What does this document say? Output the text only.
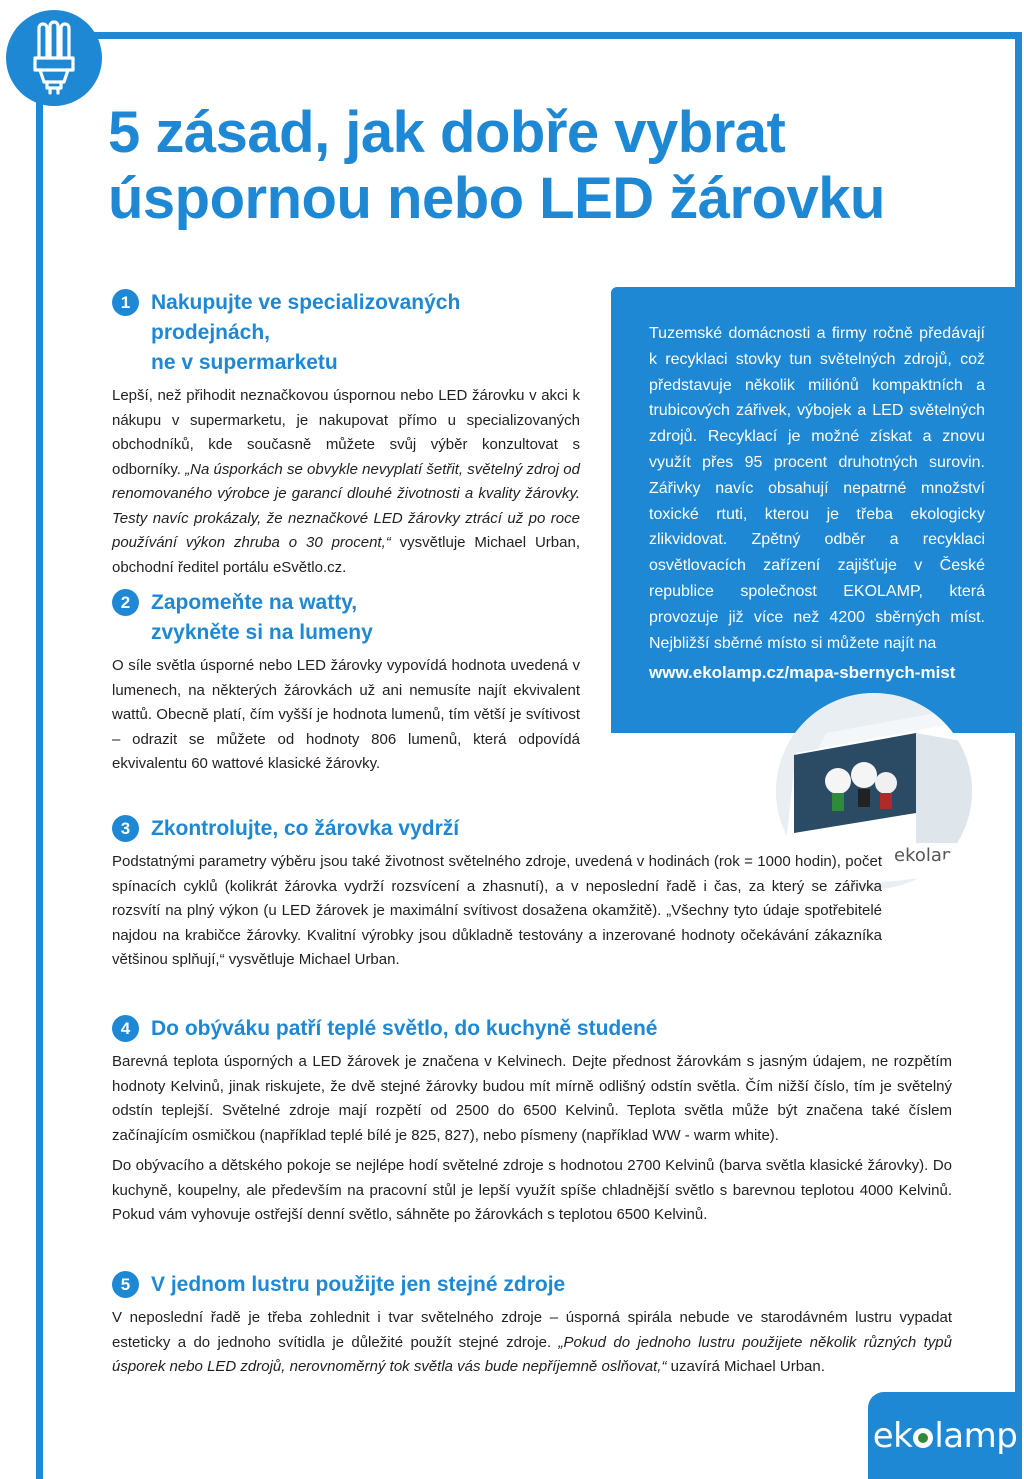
5 zásad, jak dobře vybrat
úspornou nebo LED žárovku
1 Nakupujte ve specializovaných prodejnách,
ne v supermarketu

Lepší, než přihodit neznačkovou úspornou nebo LED žárovku v akci k nákupu v supermarketu, je nakupovat přímo u specializovaných obchodníků, kde současně můžete svůj výběr konzultovat s odborníky. „Na úsporkách se obvykle nevyplatí šetřit, světelný zdroj od renomovaného výrobce je garancí dlouhé životnosti a kvality žárovky. Testy navíc prokázaly, že neznačkové LED žárovky ztrácí už po roce používání výkon zhruba o 30 procent,“ vysvětluje Michael Urban, obchodní ředitel portálu eSvětlo.cz.

2 Zapomeňte na watty,
zvykněte si na lumeny

O síle světla úsporné nebo LED žárovky vypovídá hodnota uvedená v lumenech, na některých žárovkách už ani nemusíte najít ekvivalent wattů. Obecně platí, čím vyšší je hodnota lumenů, tím větší je svítivost – odrazit se můžete od hodnoty 806 lumenů, která odpovídá ekvivalentu 60 wattové klasické žárovky.

Tuzemské domácnosti a firmy ročně předávají k recyklaci stovky tun světelných zdrojů, což představuje několik miliónů kompaktních a trubicových zářivek, výbojek a LED světelných zdrojů. Recyklací je možné získat a znovu využít přes 95 procent druhotných surovin. Zářivky navíc obsahují nepatrné množství toxické rtuti, kterou je třeba ekologicky zlikvidovat. Zpětný odběr a recyklaci osvětlovacích zařízení zajišťuje v České republice společnost EKOLAMP, která provozuje již více než 4200 sběrných míst. Nejbližší sběrné místo si můžete najít na

www.ekolamp.cz/mapa-sbernych-mist

ekolamp
3 Zkontrolujte, co žárovka vydrží

Podstatnými parametry výběru jsou také životnost světelného zdroje, uvedená v hodinách (rok = 1000 hodin), počet spínacích cyklů (kolikrát žárovka vydrží rozsvícení a zhasnutí), a v neposlední řadě i čas, za který se zářivka rozsvítí na plný výkon (u LED žárovek je maximální svítivost dosažena okamžitě). „Všechny tyto údaje spotřebitelé najdou na krabičce žárovky. Kvalitní výrobky jsou důkladně testovány a inzerované hodnoty očekávání zákazníka většinou splňují,“ vysvětluje Michael Urban.

4 Do obýváku patří teplé světlo, do kuchyně studené

Barevná teplota úsporných a LED žárovek je značena v Kelvinech. Dejte přednost žárovkám s jasným údajem, ne rozpětím hodnoty Kelvinů, jinak riskujete, že dvě stejné žárovky budou mít mírně odlišný odstín světla. Čím nižší číslo, tím je světelný odstín teplejší. Světelné zdroje mají rozpětí od 2500 do 6500 Kelvinů. Teplota světla může být značena také číslem začínajícím osmičkou (například teplé bílé je 825, 827), nebo písmeny (například WW - warm white).

Do obývacího a dětského pokoje se nejlépe hodí světelné zdroje s hodnotou 2700 Kelvinů (barva světla klasické žárovky). Do kuchyně, koupelny, ale především na pracovní stůl je lepší využít spíše chladnější světlo s barevnou teplotou 4000 Kelvinů. Pokud vám vyhovuje ostřejší denní světlo, sáhněte po žárovkách s teplotou 6500 Kelvinů.

5 V jednom lustru použijte jen stejné zdroje

V neposlední řadě je třeba zohlednit i tvar světelného zdroje – úsporná spirála nebude ve starodávném lustru vypadat esteticky a do jednoho svítidla je důležité použít stejné zdroje. „Pokud do jednoho lustru použijete několik různých typů úsporek nebo LED zdrojů, nerovnoměrný tok světla vás bude nepříjemně oslňovat,“ uzavírá Michael Urban.

ek lamp
